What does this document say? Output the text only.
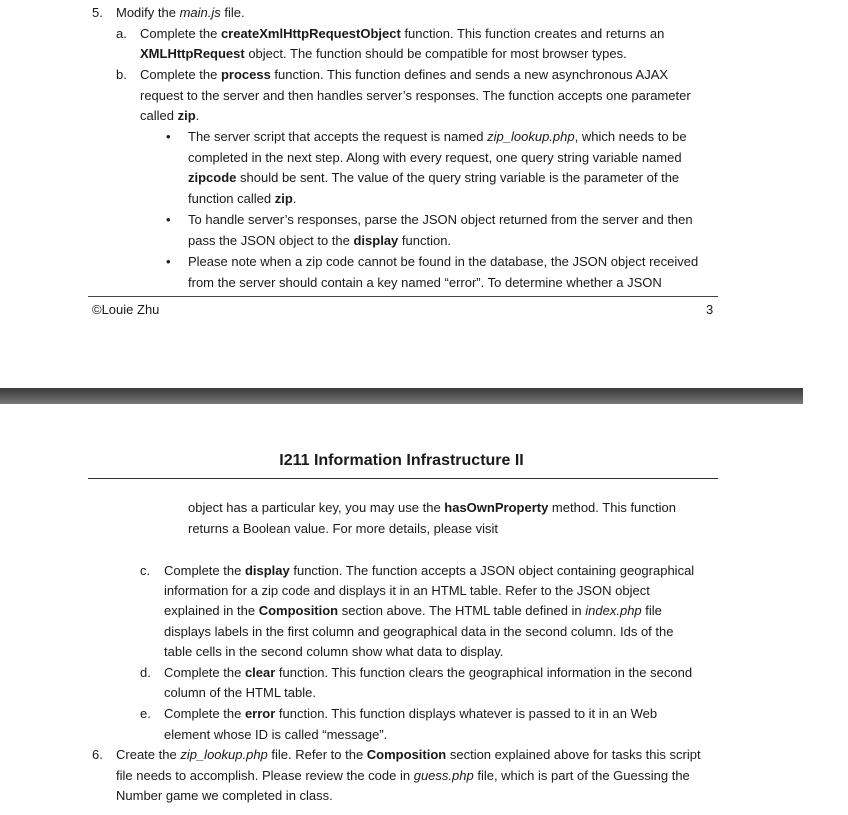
5. Modify the main.js file.
a. Complete the createXmlHttpRequestObject function. This function creates and returns an
XMLHttpRequest object. The function should be compatible for most browser types.
b. Complete the process function. This function defines and sends a new asynchronous AJAX
request to the server and then handles server’s responses. The function accepts one parameter
called zip.
• The server script that accepts the request is named zip_lookup.php, which needs to be
completed in the next step. Along with every request, one query string variable named
zipcode should be sent. The value of the query string variable is the parameter of the
function called zip.
• To handle server’s responses, parse the JSON object returned from the server and then
pass the JSON object to the display function.
• Please note when a zip code cannot be found in the database, the JSON object received
from the server should contain a key named “error”. To determine whether a JSON
©Louie Zhu	3
I211 Information Infrastructure II
object has a particular key, you may use the hasOwnProperty method. This function
returns a Boolean value. For more details, please visit
c. Complete the display function. The function accepts a JSON object containing geographical
information for a zip code and displays it in an HTML table. Refer to the JSON object
explained in the Composition section above. The HTML table defined in index.php file
displays labels in the first column and geographical data in the second column. Ids of the
table cells in the second column show what data to display.
d. Complete the clear function. This function clears the geographical information in the second
column of the HTML table.
e. Complete the error function. This function displays whatever is passed to it in an Web
element whose ID is called “message”.
6. Create the zip_lookup.php file. Refer to the Composition section explained above for tasks this script
file needs to accomplish. Please review the code in guess.php file, which is part of the Guessing the
Number game we completed in class.
